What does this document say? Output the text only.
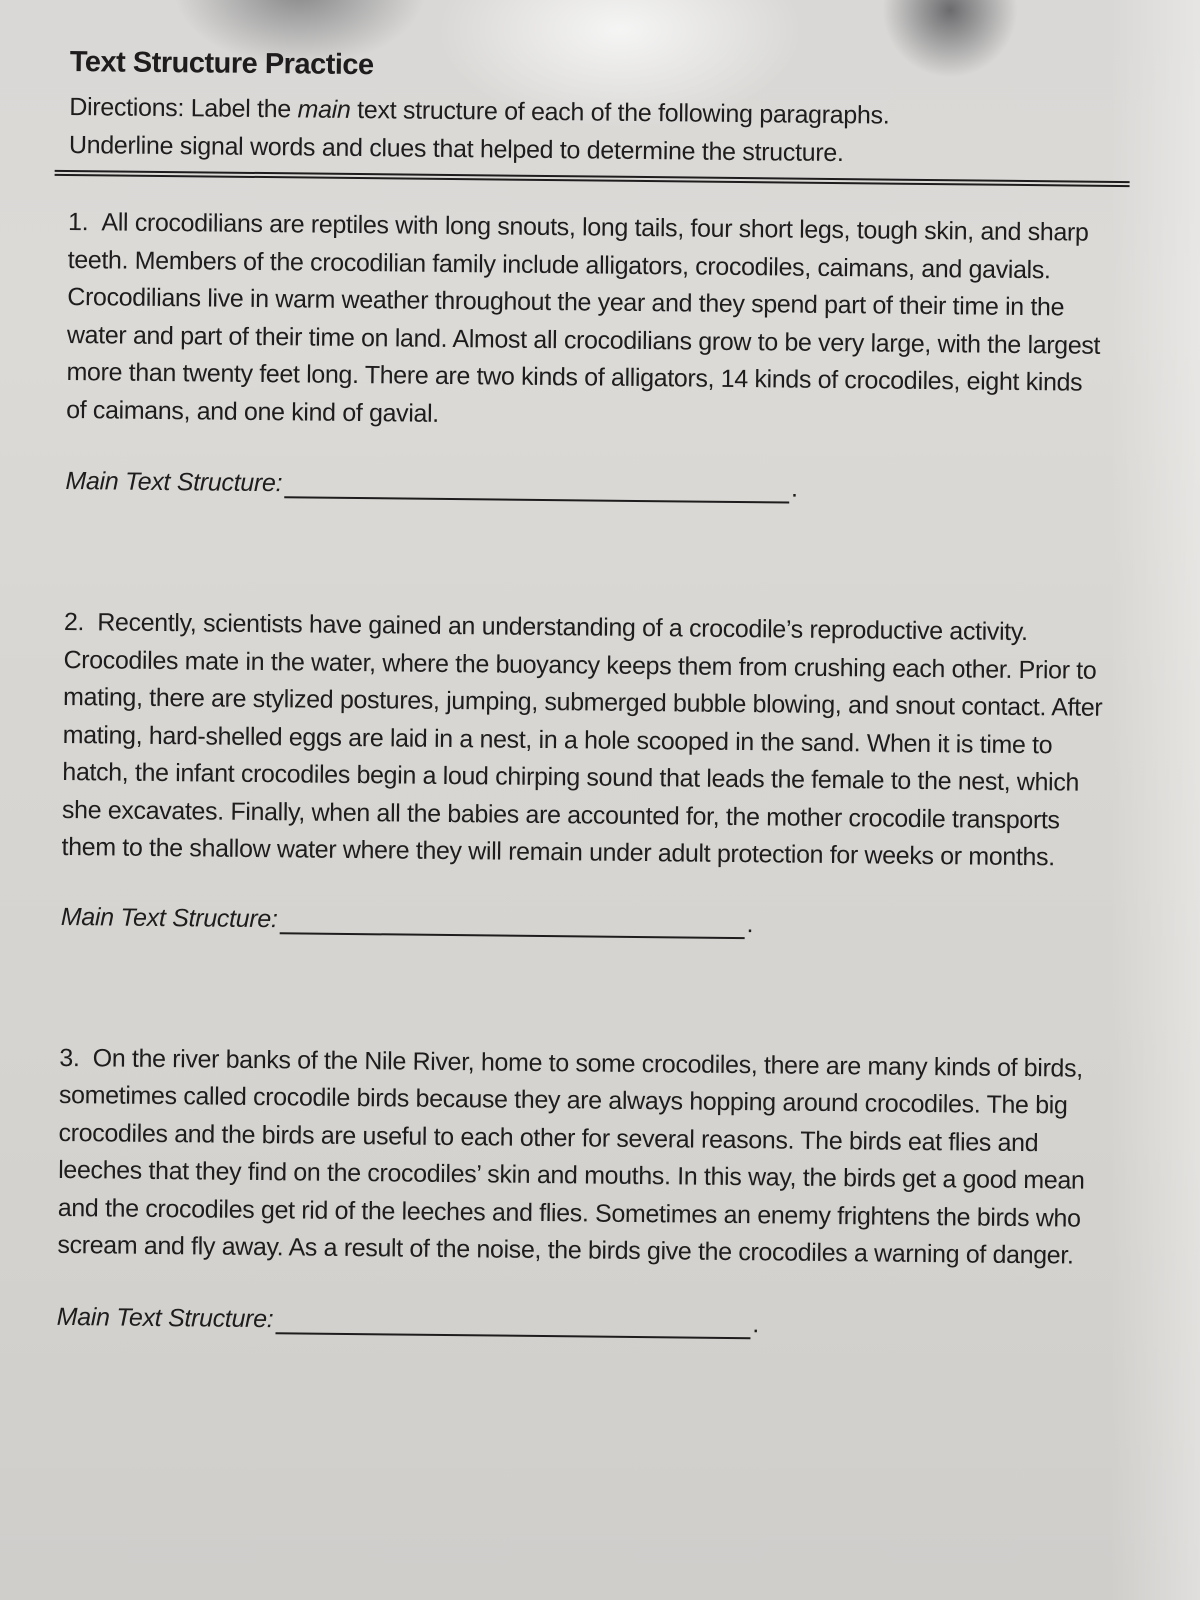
Text Structure Practice

Directions: Label the main text structure of each of the following paragraphs.

Underline signal words and clues that helped to determine the structure.

1. All crocodilians are reptiles with long snouts, long tails, four short legs, tough skin, and sharp teeth. Members of the crocodilian family include alligators, crocodiles, caimans, and gavials. Crocodilians live in warm weather throughout the year and they spend part of their time in the water and part of their time on land. Almost all crocodilians grow to be very large, with the largest more than twenty feet long. There are two kinds of alligators, 14 kinds of crocodiles, eight kinds of caimans, and one kind of gavial.

Main Text Structure:	.

2. Recently, scientists have gained an understanding of a crocodile’s reproductive activity. Crocodiles mate in the water, where the buoyancy keeps them from crushing each other. Prior to mating, there are stylized postures, jumping, submerged bubble blowing, and snout contact. After mating, hard-shelled eggs are laid in a nest, in a hole scooped in the sand. When it is time to hatch, the infant crocodiles begin a loud chirping sound that leads the female to the nest, which she excavates. Finally, when all the babies are accounted for, the mother crocodile transports them to the shallow water where they will remain under adult protection for weeks or months.

Main Text Structure:	.

3. On the river banks of the Nile River, home to some crocodiles, there are many kinds of birds, sometimes called crocodile birds because they are always hopping around crocodiles. The big crocodiles and the birds are useful to each other for several reasons. The birds eat flies and leeches that they find on the crocodiles’ skin and mouths. In this way, the birds get a good mean and the crocodiles get rid of the leeches and flies. Sometimes an enemy frightens the birds who scream and fly away. As a result of the noise, the birds give the crocodiles a warning of danger.

Main Text Structure:	.
